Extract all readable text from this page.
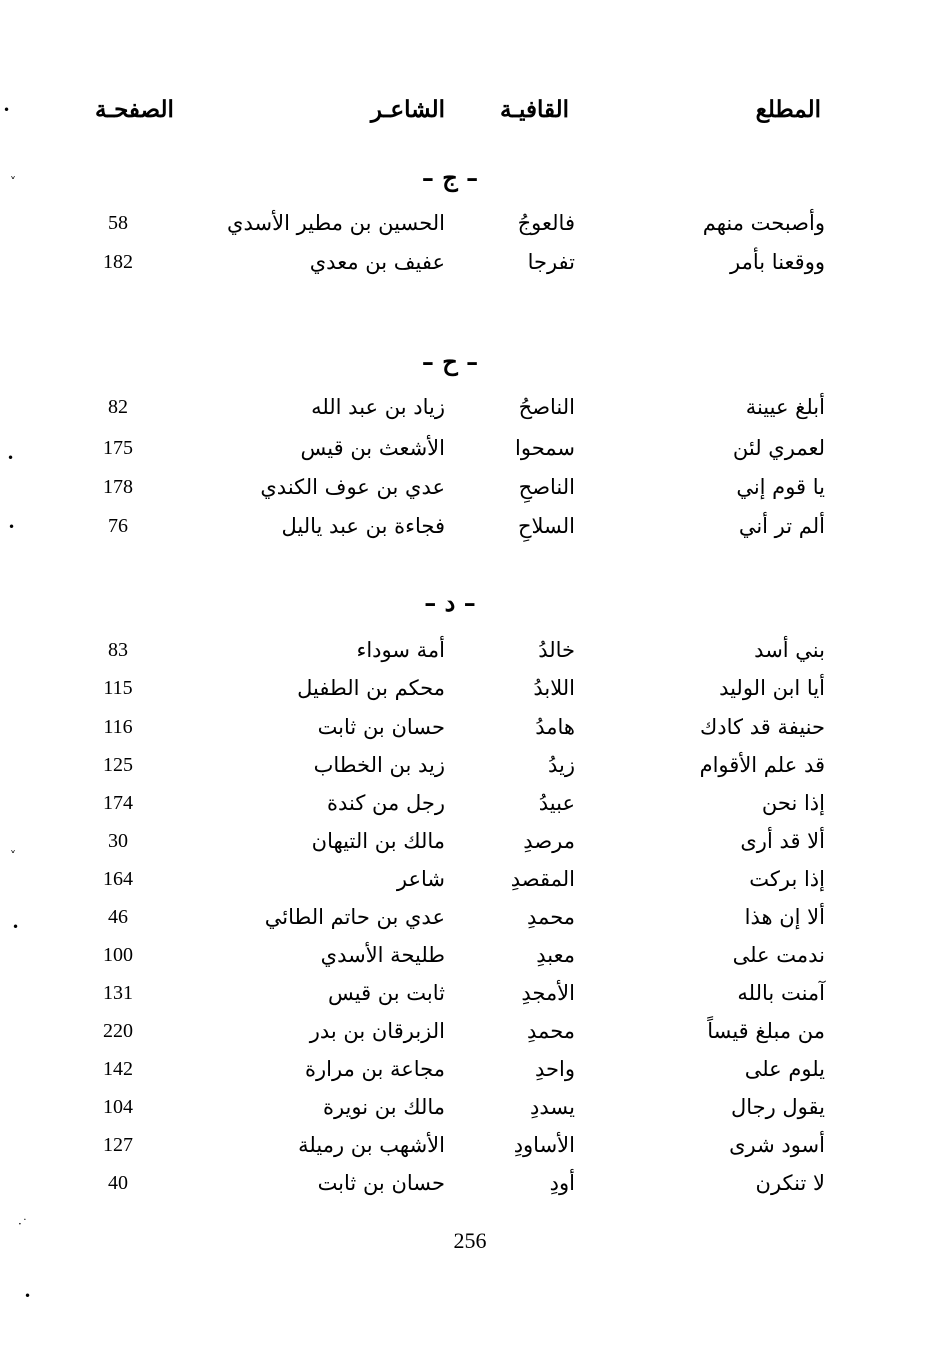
•
˅
•
•
˅
•
·˙
•
المطلع
القافيـة
الشاعـر
الصفحـة
– ج –
وأصبحت منهم
فالعوجُ
الحسين بن مطير الأسدي
58
ووقعنا بأمر
تفرجا
عفيف بن معدي
182
– ح –
أبلغ عيينة
الناصحُ
زياد بن عبد الله
82
لعمري لئن
سمحوا
الأشعث بن قيس
175
يا قوم إني
الناصحِ
عدي بن عوف الكندي
178
ألم تر أني
السلاحِ
فجاءة بن عبد ياليل
76
– د –
بني أسد
خالدُ
أمة سوداء
83
أيا ابن الوليد
اللابدُ
محكم بن الطفيل
115
حنيفة قد كادك
هامدُ
حسان بن ثابت
116
قد علم الأقوام
زيدُ
زيد بن الخطاب
125
إذا نحن
عبيدُ
رجل من كندة
174
ألا قد أرى
مرصدِ
مالك بن التيهان
30
إذا بركت
المقصدِ
شاعر
164
ألا إن هذا
محمدِ
عدي بن حاتم الطائي
46
ندمت على
معبدِ
طليحة الأسدي
100
آمنت بالله
الأمجدِ
ثابت بن قيس
131
من مبلغ قيساً
محمدِ
الزبرقان بن بدر
220
يلوم على
واحدِ
مجاعة بن مرارة
142
يقول رجال
يسددِ
مالك بن نويرة
104
أسود شرى
الأساودِ
الأشهب بن رميلة
127
لا تنكرن
أودِ
حسان بن ثابت
40
256
